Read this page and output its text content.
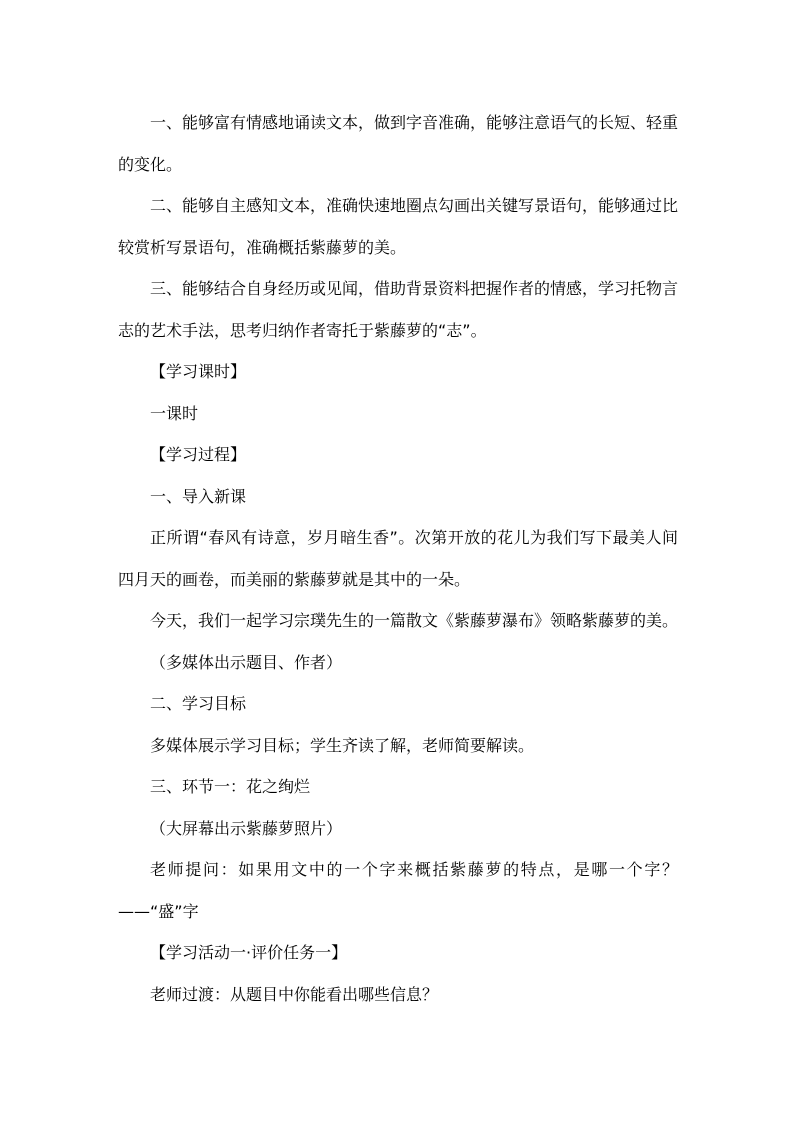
一、能够富有情感地诵读文本，做到字音准确，能够注意语气的长短、轻重的变化。

二、能够自主感知文本，准确快速地圈点勾画出关键写景语句，能够通过比较赏析写景语句，准确概括紫藤萝的美。

三、能够结合自身经历或见闻，借助背景资料把握作者的情感，学习托物言志的艺术手法，思考归纳作者寄托于紫藤萝的“志”。

【学习课时】

一课时

【学习过程】

一、导入新课

正所谓“春风有诗意，岁月暗生香”。次第开放的花儿为我们写下最美人间四月天的画卷，而美丽的紫藤萝就是其中的一朵。

今天，我们一起学习宗璞先生的一篇散文《紫藤萝瀑布》领略紫藤萝的美。

（多媒体出示题目、作者）

二、学习目标

多媒体展示学习目标；学生齐读了解，老师简要解读。

三、环节一：花之绚烂

（大屏幕出示紫藤萝照片）

老师提问：如果用文中的一个字来概括紫藤萝的特点，是哪一个字？——“盛”字

【学习活动一·评价任务一】

老师过渡：从题目中你能看出哪些信息？
